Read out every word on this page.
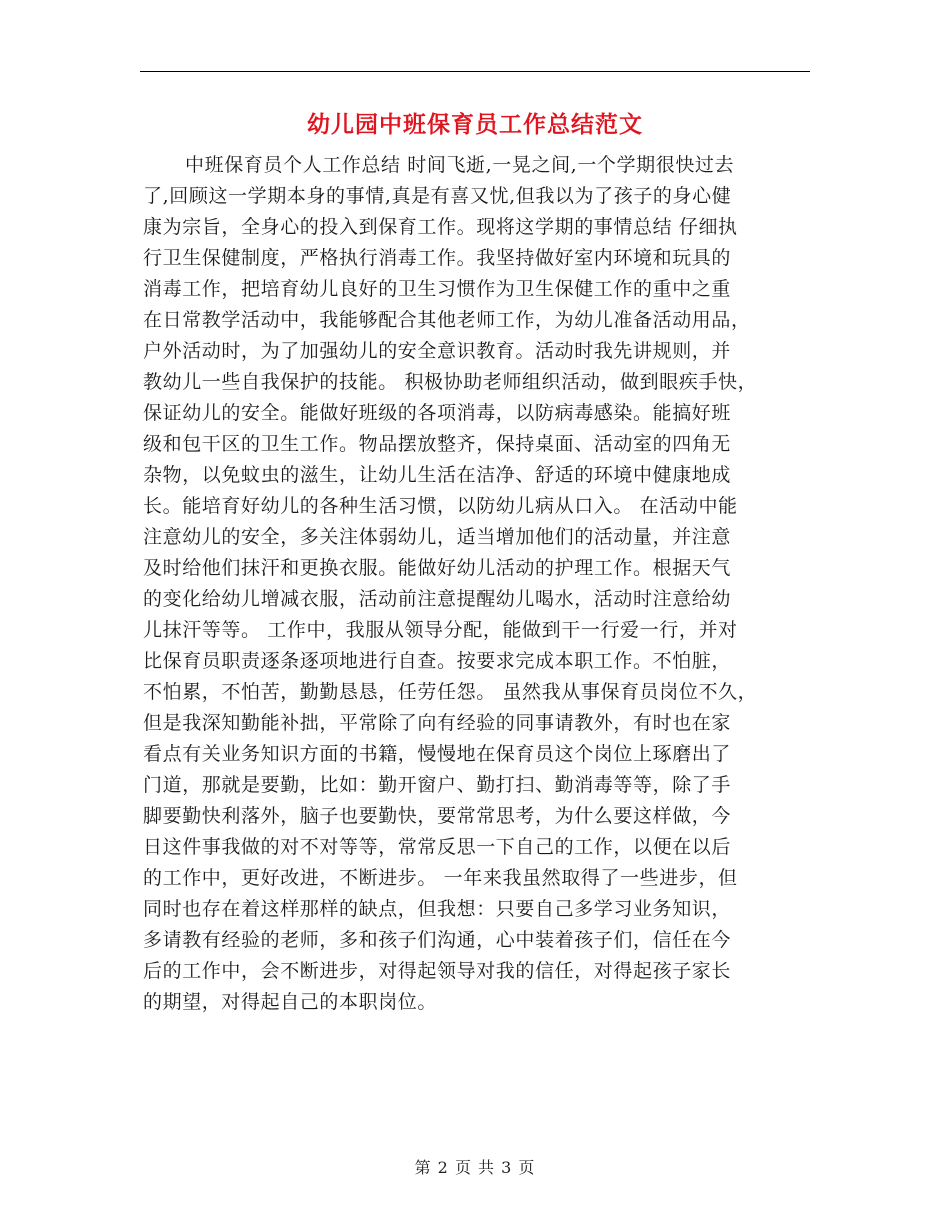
幼儿园中班保育员工作总结范文
中班保育员个人工作总结 时间飞逝,一晃之间,一个学期很快过去
了,回顾这一学期本身的事情,真是有喜又忧,但我以为了孩子的身心健
康为宗旨，全身心的投入到保育工作。现将这学期的事情总结 仔细执
行卫生保健制度，严格执行消毒工作。我坚持做好室内环境和玩具的
消毒工作，把培育幼儿良好的卫生习惯作为卫生保健工作的重中之重
在日常教学活动中，我能够配合其他老师工作，为幼儿准备活动用品，
户外活动时，为了加强幼儿的安全意识教育。活动时我先讲规则，并
教幼儿一些自我保护的技能。 积极协助老师组织活动，做到眼疾手快，
保证幼儿的安全。能做好班级的各项消毒，以防病毒感染。能搞好班
级和包干区的卫生工作。物品摆放整齐，保持桌面、活动室的四角无
杂物，以免蚊虫的滋生，让幼儿生活在洁净、舒适的环境中健康地成
长。能培育好幼儿的各种生活习惯，以防幼儿病从口入。 在活动中能
注意幼儿的安全，多关注体弱幼儿，适当增加他们的活动量，并注意
及时给他们抹汗和更换衣服。能做好幼儿活动的护理工作。根据天气
的变化给幼儿增减衣服，活动前注意提醒幼儿喝水，活动时注意给幼
儿抹汗等等。 工作中，我服从领导分配，能做到干一行爱一行，并对
比保育员职责逐条逐项地进行自查。按要求完成本职工作。不怕脏，
不怕累，不怕苦，勤勤恳恳，任劳任怨。 虽然我从事保育员岗位不久，
但是我深知勤能补拙，平常除了向有经验的同事请教外，有时也在家
看点有关业务知识方面的书籍，慢慢地在保育员这个岗位上琢磨出了
门道，那就是要勤，比如：勤开窗户、勤打扫、勤消毒等等，除了手
脚要勤快利落外，脑子也要勤快，要常常思考，为什么要这样做，今
日这件事我做的对不对等等，常常反思一下自己的工作，以便在以后
的工作中，更好改进，不断进步。 一年来我虽然取得了一些进步，但
同时也存在着这样那样的缺点，但我想：只要自己多学习业务知识，
多请教有经验的老师，多和孩子们沟通，心中装着孩子们，信任在今
后的工作中，会不断进步，对得起领导对我的信任，对得起孩子家长
的期望，对得起自己的本职岗位。
第 2 页 共 3 页
